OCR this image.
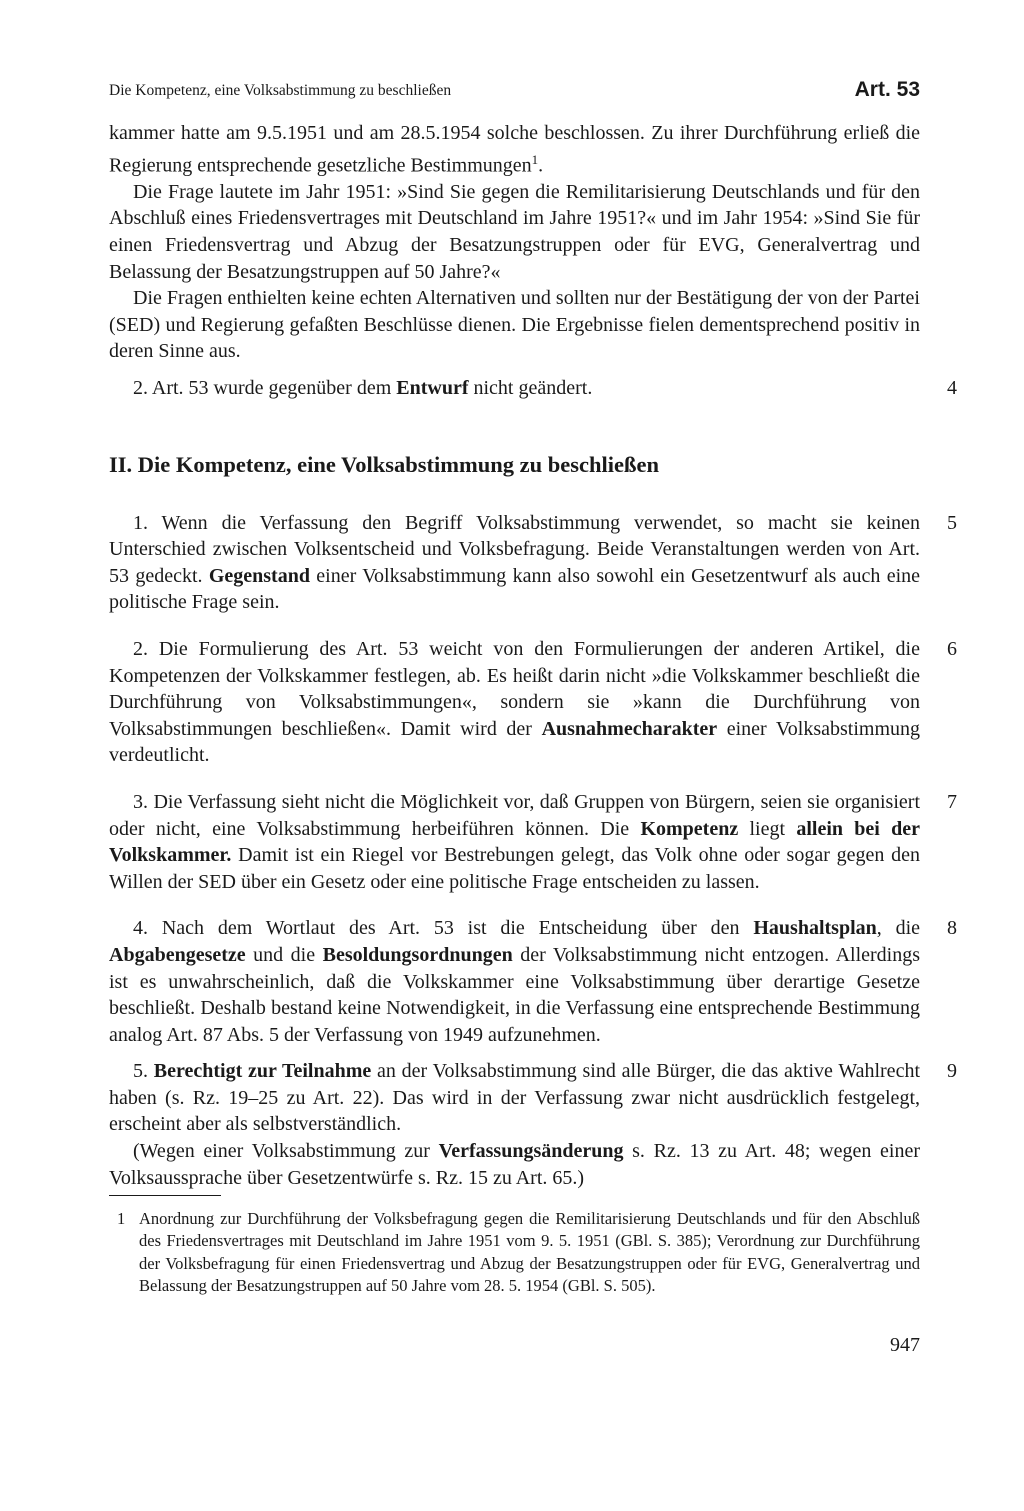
Die Kompetenz, eine Volksabstimmung zu beschließen	Art. 53

kammer hatte am 9.5.1951 und am 28.5.1954 solche beschlossen. Zu ihrer Durchführung erließ die Regierung entsprechende gesetzliche Bestimmungen$^1$.

Die Frage lautete im Jahr 1951: »Sind Sie gegen die Remilitarisierung Deutschlands und für den Abschluß eines Friedensvertrages mit Deutschland im Jahre 1951?« und im Jahr 1954: »Sind Sie für einen Friedensvertrag und Abzug der Besatzungstruppen oder für EVG, Generalvertrag und Belassung der Besatzungstruppen auf 50 Jahre?«

Die Fragen enthielten keine echten Alternativen und sollten nur der Bestätigung der von der Partei (SED) und Regierung gefaßten Beschlüsse dienen. Die Ergebnisse fielen dementsprechend positiv in deren Sinne aus.

2. Art. 53 wurde gegenüber dem Entwurf nicht geändert.	4

II. Die Kompetenz, eine Volksabstimmung zu beschließen

1. Wenn die Verfassung den Begriff Volksabstimmung verwendet, so macht sie keinen Unterschied zwischen Volksentscheid und Volksbefragung. Beide Veranstaltungen werden von Art. 53 gedeckt. Gegenstand einer Volksabstimmung kann also sowohl ein Gesetzentwurf als auch eine politische Frage sein.
5

2. Die Formulierung des Art. 53 weicht von den Formulierungen der anderen Artikel, die Kompetenzen der Volkskammer festlegen, ab. Es heißt darin nicht »die Volkskammer beschließt die Durchführung von Volksabstimmungen«, sondern sie »kann die Durchführung von Volksabstimmungen beschließen«. Damit wird der Ausnahmecharakter einer Volksabstimmung verdeutlicht.
6

3. Die Verfassung sieht nicht die Möglichkeit vor, daß Gruppen von Bürgern, seien sie organisiert oder nicht, eine Volksabstimmung herbeiführen können. Die Kompetenz liegt allein bei der Volkskammer. Damit ist ein Riegel vor Bestrebungen gelegt, das Volk ohne oder sogar gegen den Willen der SED über ein Gesetz oder eine politische Frage entscheiden zu lassen.
7

4. Nach dem Wortlaut des Art. 53 ist die Entscheidung über den Haushaltsplan, die Abgabengesetze und die Besoldungsordnungen der Volksabstimmung nicht entzogen. Allerdings ist es unwahrscheinlich, daß die Volkskammer eine Volksabstimmung über derartige Gesetze beschließt. Deshalb bestand keine Notwendigkeit, in die Verfassung eine entsprechende Bestimmung analog Art. 87 Abs. 5 der Verfassung von 1949 aufzunehmen.
8

5. Berechtigt zur Teilnahme an der Volksabstimmung sind alle Bürger, die das aktive Wahlrecht haben (s. Rz. 19–25 zu Art. 22). Das wird in der Verfassung zwar nicht ausdrücklich festgelegt, erscheint aber als selbstverständlich.
9

(Wegen einer Volksabstimmung zur Verfassungsänderung s. Rz. 13 zu Art. 48; wegen einer Volksaussprache über Gesetzentwürfe s. Rz. 15 zu Art. 65.)

1 Anordnung zur Durchführung der Volksbefragung gegen die Remilitarisierung Deutschlands und für den Abschluß des Friedensvertrages mit Deutschland im Jahre 1951 vom 9. 5. 1951 (GBl. S. 385); Verordnung zur Durchführung der Volksbefragung für einen Friedensvertrag und Abzug der Besatzungstruppen oder für EVG, Generalvertrag und Belassung der Besatzungstruppen auf 50 Jahre vom 28. 5. 1954 (GBl. S. 505).
947
